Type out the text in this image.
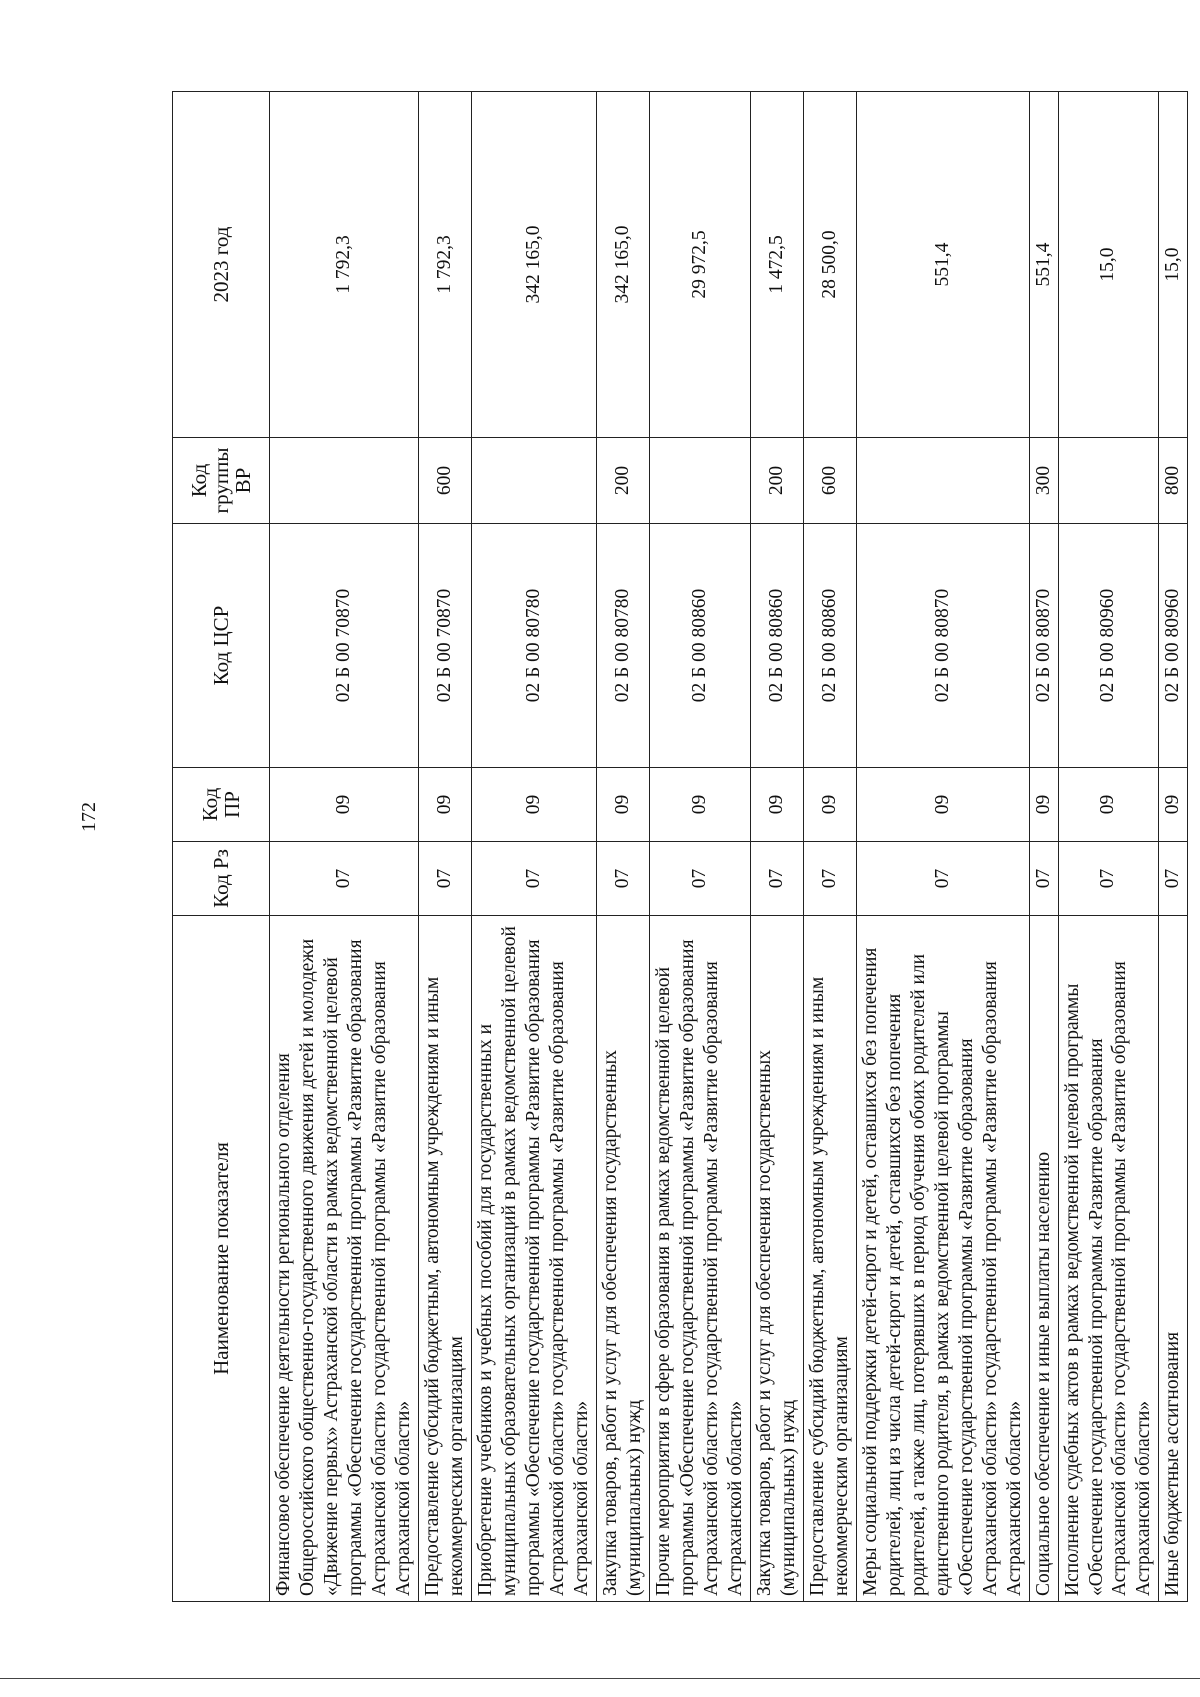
172
Наименование показателя	Код Рз	Код ПР	Код ЦСР	Код группы ВР	2023 год
Финансовое обеспечение деятельности регионального отделения Общероссийского общественно-государственного движения детей и молодежи «Движение первых» Астраханской области в рамках ведомственной целевой программы «Обеспечение государственной программы «Развитие образования Астраханской области» государственной программы «Развитие образования Астраханской области»	07	09	02 Б 00 70870		1 792,3
Предоставление субсидий бюджетным, автономным учреждениям и иным некоммерческим организациям	07	09	02 Б 00 70870	600	1 792,3
Приобретение учебников и учебных пособий для государственных и муниципальных образовательных организаций в рамках ведомственной целевой программы «Обеспечение государственной программы «Развитие образования Астраханской области» государственной программы «Развитие образования Астраханской области»	07	09	02 Б 00 80780		342 165,0
Закупка товаров, работ и услуг для обеспечения государственных (муниципальных) нужд	07	09	02 Б 00 80780	200	342 165,0
Прочие мероприятия в сфере образования в рамках ведомственной целевой программы «Обеспечение государственной программы «Развитие образования Астраханской области» государственной программы «Развитие образования Астраханской области»	07	09	02 Б 00 80860		29 972,5
Закупка товаров, работ и услуг для обеспечения государственных (муниципальных) нужд	07	09	02 Б 00 80860	200	1 472,5
Предоставление субсидий бюджетным, автономным учреждениям и иным некоммерческим организациям	07	09	02 Б 00 80860	600	28 500,0
Меры социальной поддержки детей-сирот и детей, оставшихся без попечения родителей, лиц из числа детей-сирот и детей, оставшихся без попечения родителей, а также лиц, потерявших в период обучения обоих родителей или единственного родителя, в рамках ведомственной целевой программы «Обеспечение государственной программы «Развитие образования Астраханской области» государственной программы «Развитие образования Астраханской области»	07	09	02 Б 00 80870		551,4
Социальное обеспечение и иные выплаты населению	07	09	02 Б 00 80870	300	551,4
Исполнение судебных актов в рамках ведомственной целевой программы «Обеспечение государственной программы «Развитие образования Астраханской области» государственной программы «Развитие образования Астраханской области»	07	09	02 Б 00 80960		15,0
Иные бюджетные ассигнования	07	09	02 Б 00 80960	800	15,0
